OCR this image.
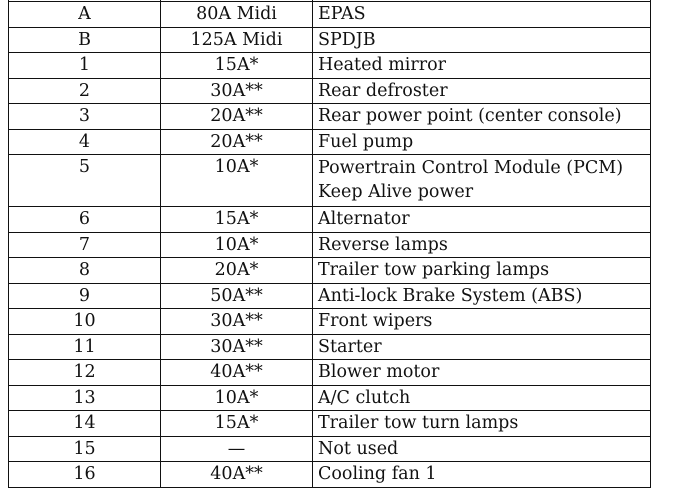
A	80A Midi	EPAS
B	125A Midi	SPDJB
1	15A*	Heated mirror
2	30A**	Rear defroster
3	20A**	Rear power point (center console)
4	20A**	Fuel pump
5	10A*	Powertrain Control Module (PCM) Keep Alive power
6	15A*	Alternator
7	10A*	Reverse lamps
8	20A*	Trailer tow parking lamps
9	50A**	Anti-lock Brake System (ABS)
10	30A**	Front wipers
11	30A**	Starter
12	40A**	Blower motor
13	10A*	A/C clutch
14	15A*	Trailer tow turn lamps
15	—	Not used
16	40A**	Cooling fan 1
